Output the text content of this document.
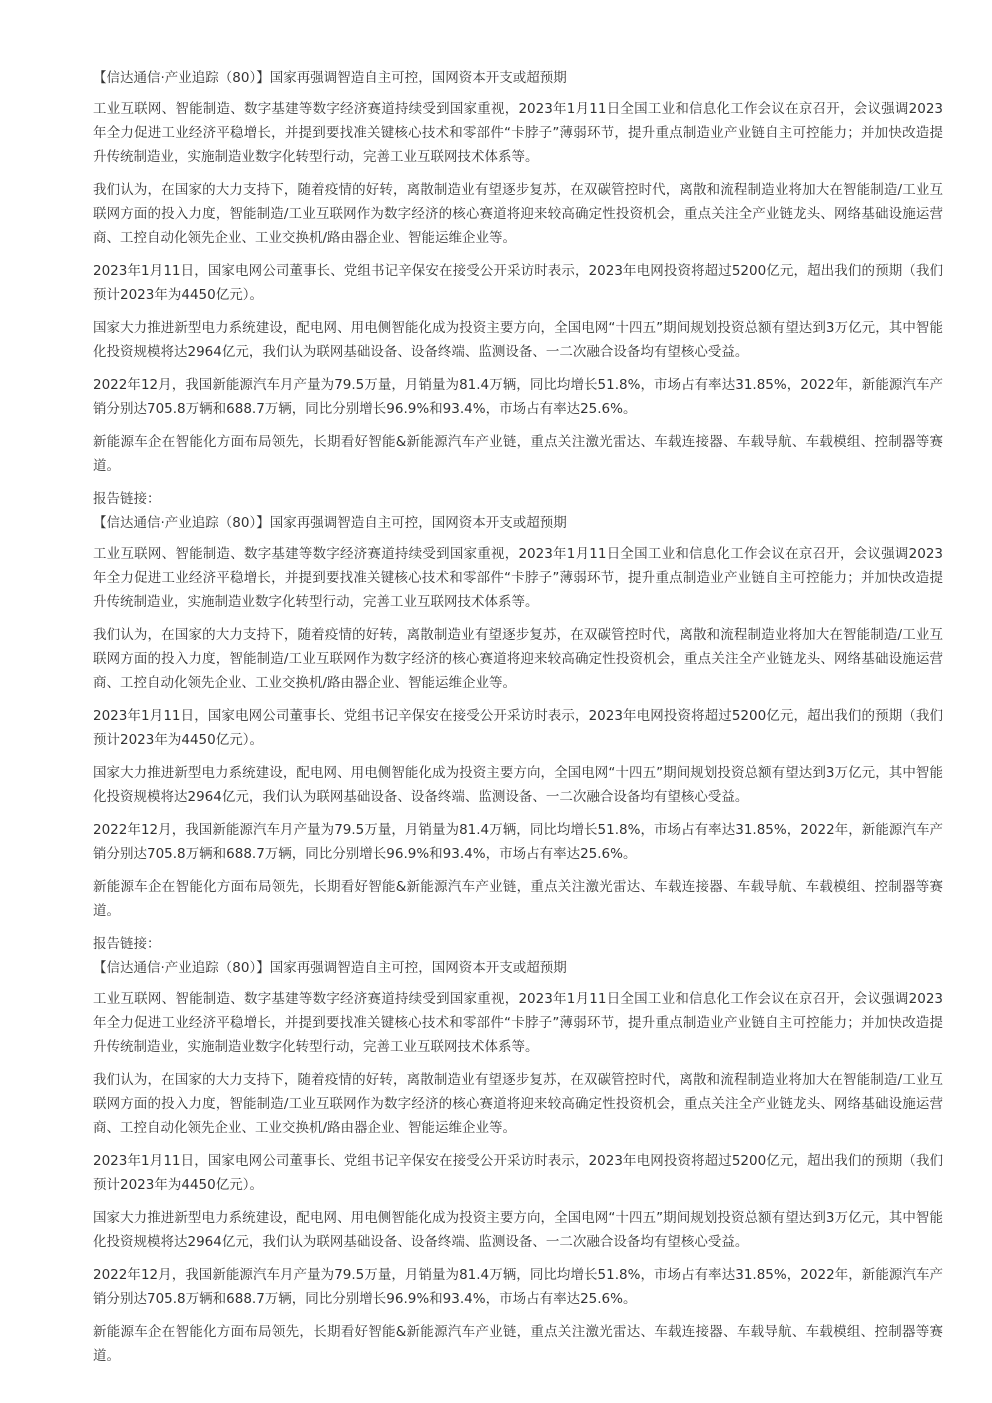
【信达通信·产业追踪（80）】国家再强调智造自主可控，国网资本开支或超预期

工业互联网、智能制造、数字基建等数字经济赛道持续受到国家重视，2023年1月11日全国工业和信息化工作会议在京召开，会议强调2023年全力促进工业经济平稳增长，并提到要找准关键核心技术和零部件“卡脖子”薄弱环节，提升重点制造业产业链自主可控能力；并加快改造提升传统制造业，实施制造业数字化转型行动，完善工业互联网技术体系等。

我们认为，在国家的大力支持下，随着疫情的好转，离散制造业有望逐步复苏，在双碳管控时代，离散和流程制造业将加大在智能制造/工业互联网方面的投入力度，智能制造/工业互联网作为数字经济的核心赛道将迎来较高确定性投资机会，重点关注全产业链龙头、网络基础设施运营商、工控自动化领先企业、工业交换机/路由器企业、智能运维企业等。

2023年1月11日，国家电网公司董事长、党组书记辛保安在接受公开采访时表示，2023年电网投资将超过5200亿元，超出我们的预期（我们预计2023年为4450亿元）。

国家大力推进新型电力系统建设，配电网、用电侧智能化成为投资主要方向，全国电网“十四五”期间规划投资总额有望达到3万亿元，其中智能化投资规模将达2964亿元，我们认为联网基础设备、设备终端、监测设备、一二次融合设备均有望核心受益。

2022年12月，我国新能源汽车月产量为79.5万量，月销量为81.4万辆，同比均增长51.8%，市场占有率达31.85%，2022年，新能源汽车产销分别达705.8万辆和688.7万辆，同比分别增长96.9%和93.4%，市场占有率达25.6%。

新能源车企在智能化方面布局领先，长期看好智能&新能源汽车产业链，重点关注激光雷达、车载连接器、车载导航、车载模组、控制器等赛道。

报告链接：

【信达通信·产业追踪（80）】国家再强调智造自主可控，国网资本开支或超预期

工业互联网、智能制造、数字基建等数字经济赛道持续受到国家重视，2023年1月11日全国工业和信息化工作会议在京召开，会议强调2023年全力促进工业经济平稳增长，并提到要找准关键核心技术和零部件“卡脖子”薄弱环节，提升重点制造业产业链自主可控能力；并加快改造提升传统制造业，实施制造业数字化转型行动，完善工业互联网技术体系等。

我们认为，在国家的大力支持下，随着疫情的好转，离散制造业有望逐步复苏，在双碳管控时代，离散和流程制造业将加大在智能制造/工业互联网方面的投入力度，智能制造/工业互联网作为数字经济的核心赛道将迎来较高确定性投资机会，重点关注全产业链龙头、网络基础设施运营商、工控自动化领先企业、工业交换机/路由器企业、智能运维企业等。

2023年1月11日，国家电网公司董事长、党组书记辛保安在接受公开采访时表示，2023年电网投资将超过5200亿元，超出我们的预期（我们预计2023年为4450亿元）。

国家大力推进新型电力系统建设，配电网、用电侧智能化成为投资主要方向，全国电网“十四五”期间规划投资总额有望达到3万亿元，其中智能化投资规模将达2964亿元，我们认为联网基础设备、设备终端、监测设备、一二次融合设备均有望核心受益。

2022年12月，我国新能源汽车月产量为79.5万量，月销量为81.4万辆，同比均增长51.8%，市场占有率达31.85%，2022年，新能源汽车产销分别达705.8万辆和688.7万辆，同比分别增长96.9%和93.4%，市场占有率达25.6%。

新能源车企在智能化方面布局领先，长期看好智能&新能源汽车产业链，重点关注激光雷达、车载连接器、车载导航、车载模组、控制器等赛道。

报告链接：

【信达通信·产业追踪（80）】国家再强调智造自主可控，国网资本开支或超预期

工业互联网、智能制造、数字基建等数字经济赛道持续受到国家重视，2023年1月11日全国工业和信息化工作会议在京召开，会议强调2023年全力促进工业经济平稳增长，并提到要找准关键核心技术和零部件“卡脖子”薄弱环节，提升重点制造业产业链自主可控能力；并加快改造提升传统制造业，实施制造业数字化转型行动，完善工业互联网技术体系等。

我们认为，在国家的大力支持下，随着疫情的好转，离散制造业有望逐步复苏，在双碳管控时代，离散和流程制造业将加大在智能制造/工业互联网方面的投入力度，智能制造/工业互联网作为数字经济的核心赛道将迎来较高确定性投资机会，重点关注全产业链龙头、网络基础设施运营商、工控自动化领先企业、工业交换机/路由器企业、智能运维企业等。

2023年1月11日，国家电网公司董事长、党组书记辛保安在接受公开采访时表示，2023年电网投资将超过5200亿元，超出我们的预期（我们预计2023年为4450亿元）。

国家大力推进新型电力系统建设，配电网、用电侧智能化成为投资主要方向，全国电网“十四五”期间规划投资总额有望达到3万亿元，其中智能化投资规模将达2964亿元，我们认为联网基础设备、设备终端、监测设备、一二次融合设备均有望核心受益。

2022年12月，我国新能源汽车月产量为79.5万量，月销量为81.4万辆，同比均增长51.8%，市场占有率达31.85%，2022年，新能源汽车产销分别达705.8万辆和688.7万辆，同比分别增长96.9%和93.4%，市场占有率达25.6%。

新能源车企在智能化方面布局领先，长期看好智能&新能源汽车产业链，重点关注激光雷达、车载连接器、车载导航、车载模组、控制器等赛道。
